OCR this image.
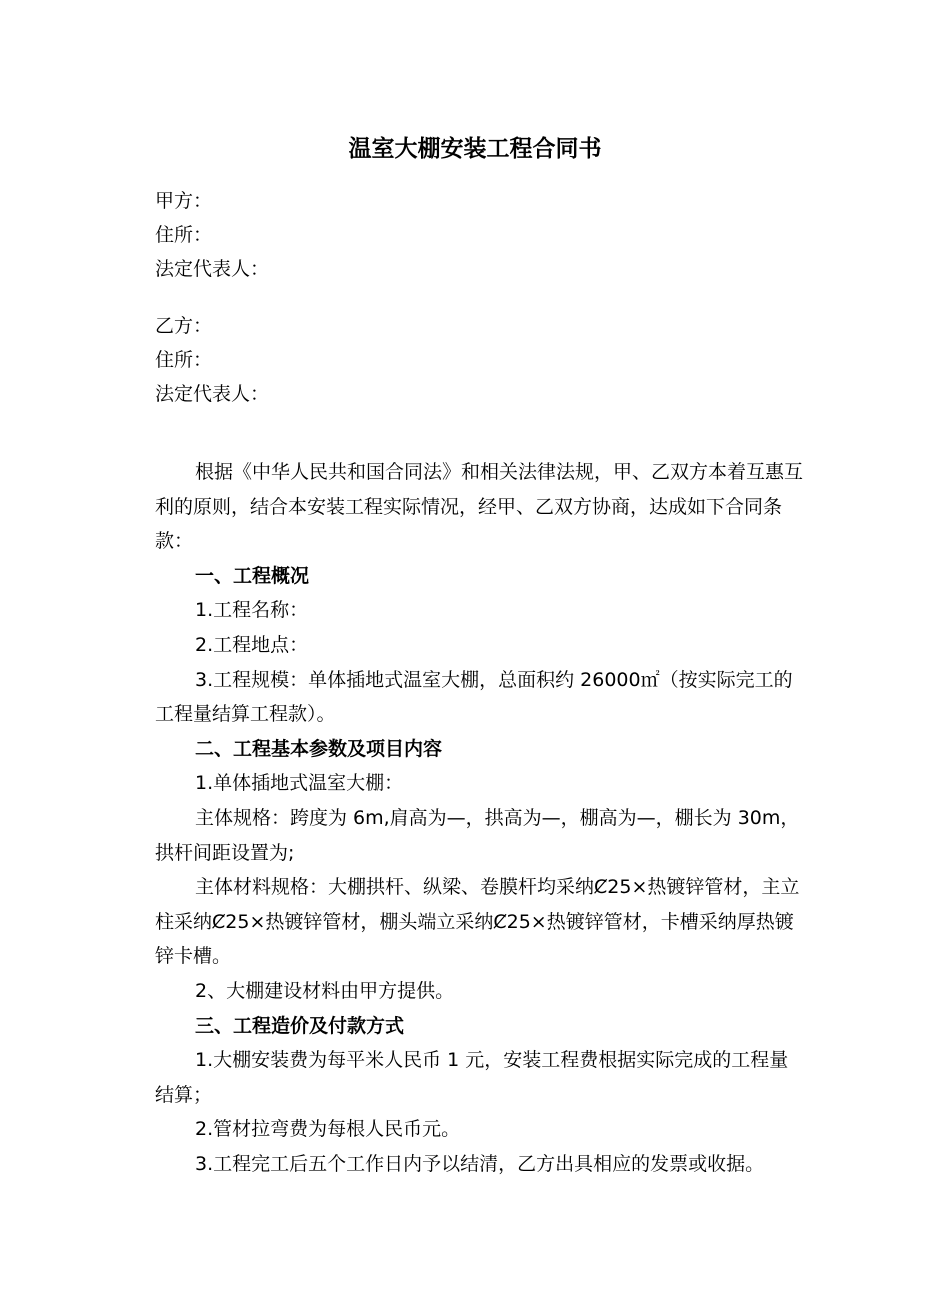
温室大棚安装工程合同书
甲方：
住所：
法定代表人：
乙方：
住所：
法定代表人：

根据《中华人民共和国合同法》和相关法律法规，甲、乙双方本着互惠互利的原则，结合本安装工程实际情况，经甲、乙双方协商，达成如下合同条款：

一、工程概况

1.工程名称：

2.工程地点：

3.工程规模：单体插地式温室大棚，总面积约 26000㎡（按实际完工的工程量结算工程款）。

二、工程基本参数及项目内容

1.单体插地式温室大棚：

主体规格：跨度为 6m,肩高为—，拱高为—，棚高为—，棚长为 30m，拱杆间距设置为;

主体材料规格：大棚拱杆、纵梁、卷膜杆均采纳Ȼ25×热镀锌管材，主立柱采纳Ȼ25×热镀锌管材，棚头端立采纳Ȼ25×热镀锌管材，卡槽采纳厚热镀锌卡槽。

2、大棚建设材料由甲方提供。

三、工程造价及付款方式

1.大棚安装费为每平米人民币 1 元，安装工程费根据实际完成的工程量结算；

2.管材拉弯费为每根人民币元。

3.工程完工后五个工作日内予以结清，乙方出具相应的发票或收据。
